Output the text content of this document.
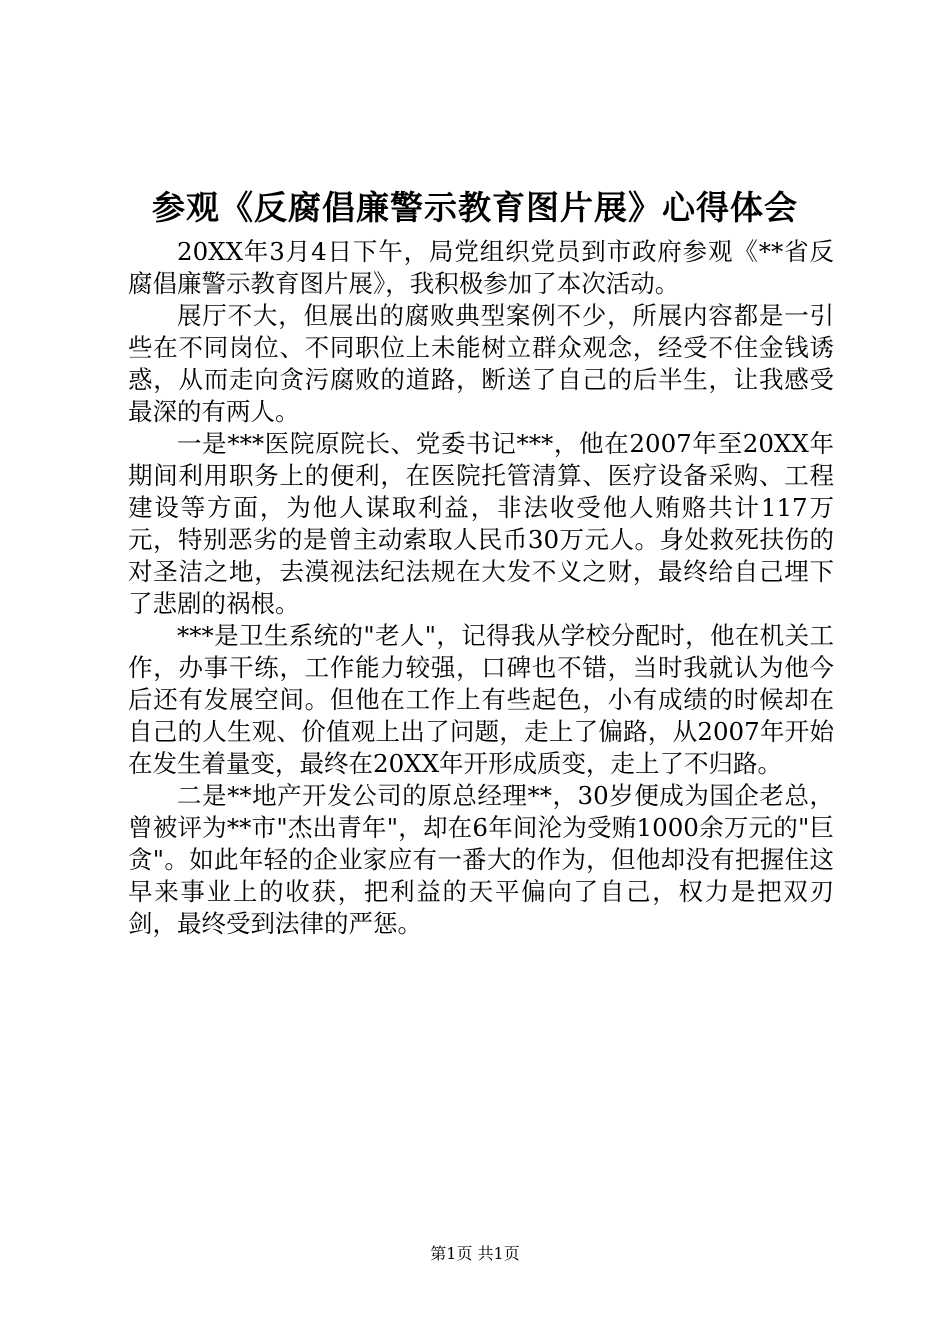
参观《反腐倡廉警示教育图片展》心得体会

20XX年3月4日下午，局党组织党员到市政府参观《**省反腐倡廉警示教育图片展》，我积极参加了本次活动。

展厅不大，但展出的腐败典型案例不少，所展内容都是一引些在不同岗位、不同职位上未能树立群众观念，经受不住金钱诱惑，从而走向贪污腐败的道路，断送了自己的后半生，让我感受最深的有两人。

一是***医院原院长、党委书记***，他在2007年至20XX年期间利用职务上的便利，在医院托管清算、医疗设备采购、工程建设等方面，为他人谋取利益，非法收受他人贿赂共计117万元，特别恶劣的是曾主动索取人民币30万元人。身处救死扶伤的对圣洁之地，去漠视法纪法规在大发不义之财，最终给自己埋下了悲剧的祸根。

***是卫生系统的"老人"，记得我从学校分配时，他在机关工作，办事干练，工作能力较强，口碑也不错，当时我就认为他今后还有发展空间。但他在工作上有些起色，小有成绩的时候却在自己的人生观、价值观上出了问题，走上了偏路，从2007年开始在发生着量变，最终在20XX年开形成质变，走上了不归路。

二是**地产开发公司的原总经理**，30岁便成为国企老总，曾被评为**市"杰出青年"，却在6年间沦为受贿1000余万元的"巨贪"。如此年轻的企业家应有一番大的作为，但他却没有把握住这早来事业上的收获，把利益的天平偏向了自己，权力是把双刃剑，最终受到法律的严惩。

第1页 共1页
